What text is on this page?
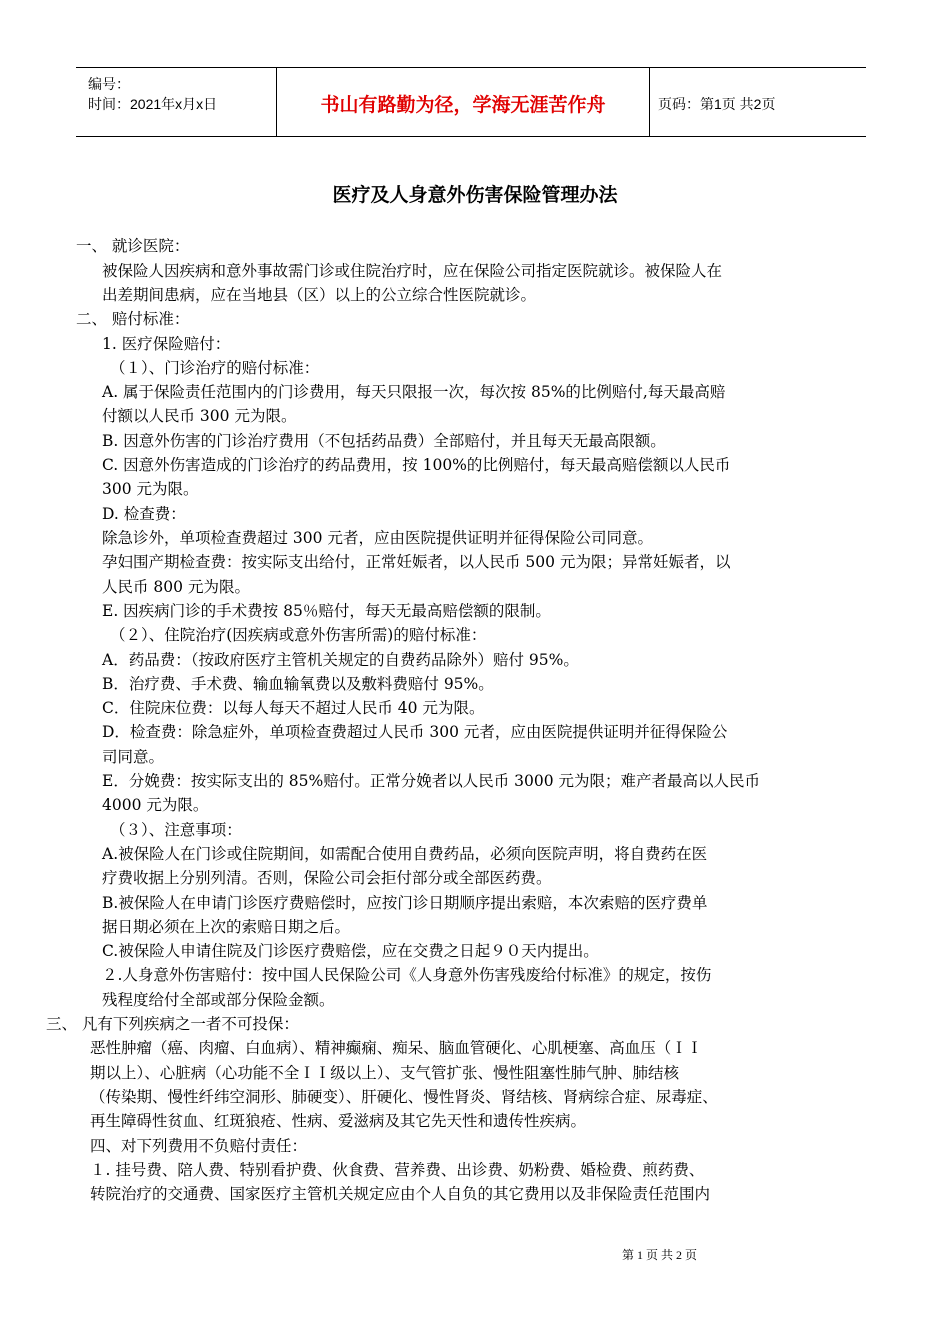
编号：
时间：2021年x月x日	书山有路勤为径，学海无涯苦作舟	页码：第1页 共2页
医疗及人身意外伤害保险管理办法
一、 就诊医院：
被保险人因疾病和意外事故需门诊或住院治疗时，应在保险公司指定医院就诊。被保险人在
出差期间患病，应在当地县（区）以上的公立综合性医院就诊。
二、 赔付标准：
1. 医疗保险赔付：
（１）、门诊治疗的赔付标准：
A. 属于保险责任范围内的门诊费用，每天只限报一次，每次按 85%的比例赔付,每天最高赔
付额以人民币 300 元为限。
B. 因意外伤害的门诊治疗费用（不包括药品费）全部赔付，并且每天无最高限额。
C. 因意外伤害造成的门诊治疗的药品费用，按 100%的比例赔付，每天最高赔偿额以人民币
300 元为限。
D. 检查费：
除急诊外，单项检查费超过 300 元者，应由医院提供证明并征得保险公司同意。
孕妇围产期检查费：按实际支出给付，正常妊娠者，以人民币 500 元为限；异常妊娠者，以
人民币 800 元为限。
E. 因疾病门诊的手术费按 85％赔付，每天无最高赔偿额的限制。
（２）、住院治疗(因疾病或意外伤害所需)的赔付标准：
A．药品费：（按政府医疗主管机关规定的自费药品除外）赔付 95%。
B．治疗费、手术费、输血输氧费以及敷料费赔付 95%。
C．住院床位费：以每人每天不超过人民币 40 元为限。
D．检查费：除急症外，单项检查费超过人民币 300 元者，应由医院提供证明并征得保险公
司同意。
E．分娩费：按实际支出的 85%赔付。正常分娩者以人民币 3000 元为限；难产者最高以人民币
4000 元为限。
（３）、注意事项：
A.被保险人在门诊或住院期间，如需配合使用自费药品，必须向医院声明，将自费药在医
疗费收据上分别列清。否则，保险公司会拒付部分或全部医药费。
B.被保险人在申请门诊医疗费赔偿时，应按门诊日期顺序提出索赔，本次索赔的医疗费单
据日期必须在上次的索赔日期之后。
C.被保险人申请住院及门诊医疗费赔偿，应在交费之日起９０天内提出。
２.人身意外伤害赔付：按中国人民保险公司《人身意外伤害残废给付标准》的规定，按伤
残程度给付全部或部分保险金额。
三、 凡有下列疾病之一者不可投保：
恶性肿瘤（癌、肉瘤、白血病）、精神癫痫、痴呆、脑血管硬化、心肌梗塞、高血压（ＩＩ
期以上）、心脏病（心功能不全ＩＩ级以上）、支气管扩张、慢性阻塞性肺气肿、肺结核
（传染期、慢性纤纬空洞形、肺硬变）、肝硬化、慢性肾炎、肾结核、肾病综合症、尿毒症、
再生障碍性贫血、红斑狼疮、性病、爱滋病及其它先天性和遗传性疾病。
四、对下列费用不负赔付责任：
１. 挂号费、陪人费、特别看护费、伙食费、营养费、出诊费、奶粉费、婚检费、煎药费、
转院治疗的交通费、国家医疗主管机关规定应由个人自负的其它费用以及非保险责任范围内
第 1 页 共 2 页
